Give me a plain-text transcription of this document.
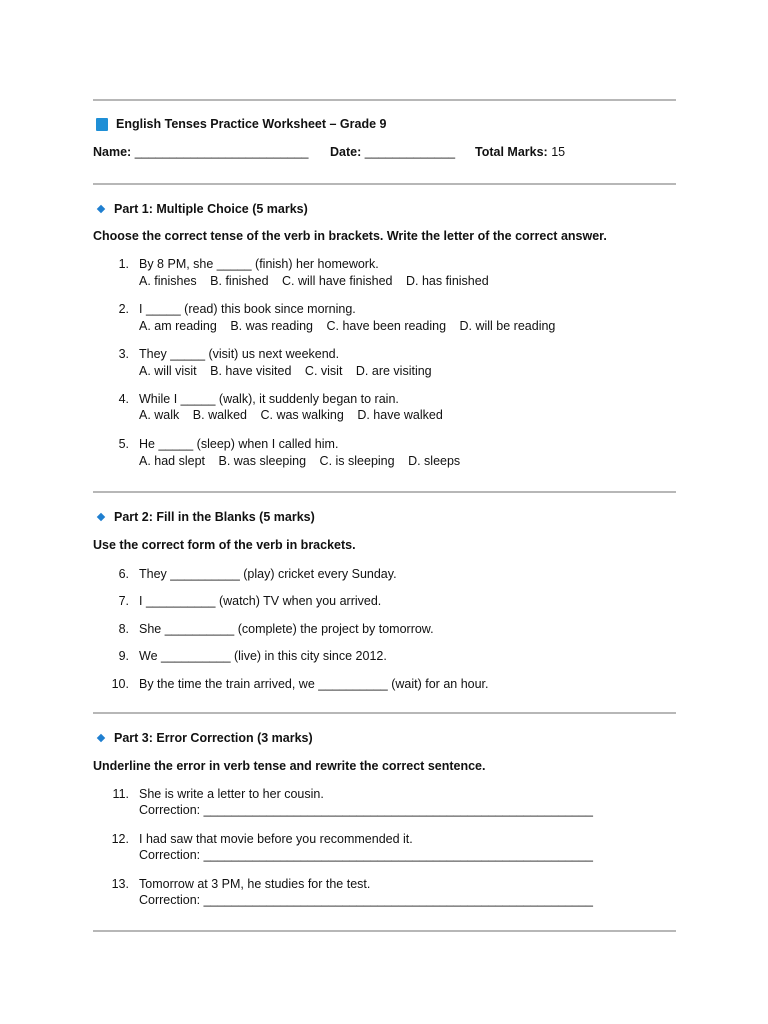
English Tenses Practice Worksheet – Grade 9
Name: _________________________ Date: _____________ Total Marks: 15
Part 1: Multiple Choice (5 marks)
Choose the correct tense of the verb in brackets. Write the letter of the correct answer.
1. By 8 PM, she _____ (finish) her homework.
A. finishes B. finished C. will have finished D. has finished
2. I _____ (read) this book since morning.
A. am reading B. was reading C. have been reading D. will be reading
3. They _____ (visit) us next weekend.
A. will visit B. have visited C. visit D. are visiting
4. While I _____ (walk), it suddenly began to rain.
A. walk B. walked C. was walking D. have walked
5. He _____ (sleep) when I called him.
A. had slept B. was sleeping C. is sleeping D. sleeps
Part 2: Fill in the Blanks (5 marks)
Use the correct form of the verb in brackets.
6. They __________ (play) cricket every Sunday.
7. I __________ (watch) TV when you arrived.
8. She __________ (complete) the project by tomorrow.
9. We __________ (live) in this city since 2012.
10. By the time the train arrived, we __________ (wait) for an hour.
Part 3: Error Correction (3 marks)
Underline the error in verb tense and rewrite the correct sentence.
11. She is write a letter to her cousin.
Correction: ________________________________________________________
12. I had saw that movie before you recommended it.
Correction: ________________________________________________________
13. Tomorrow at 3 PM, he studies for the test.
Correction: ________________________________________________________
